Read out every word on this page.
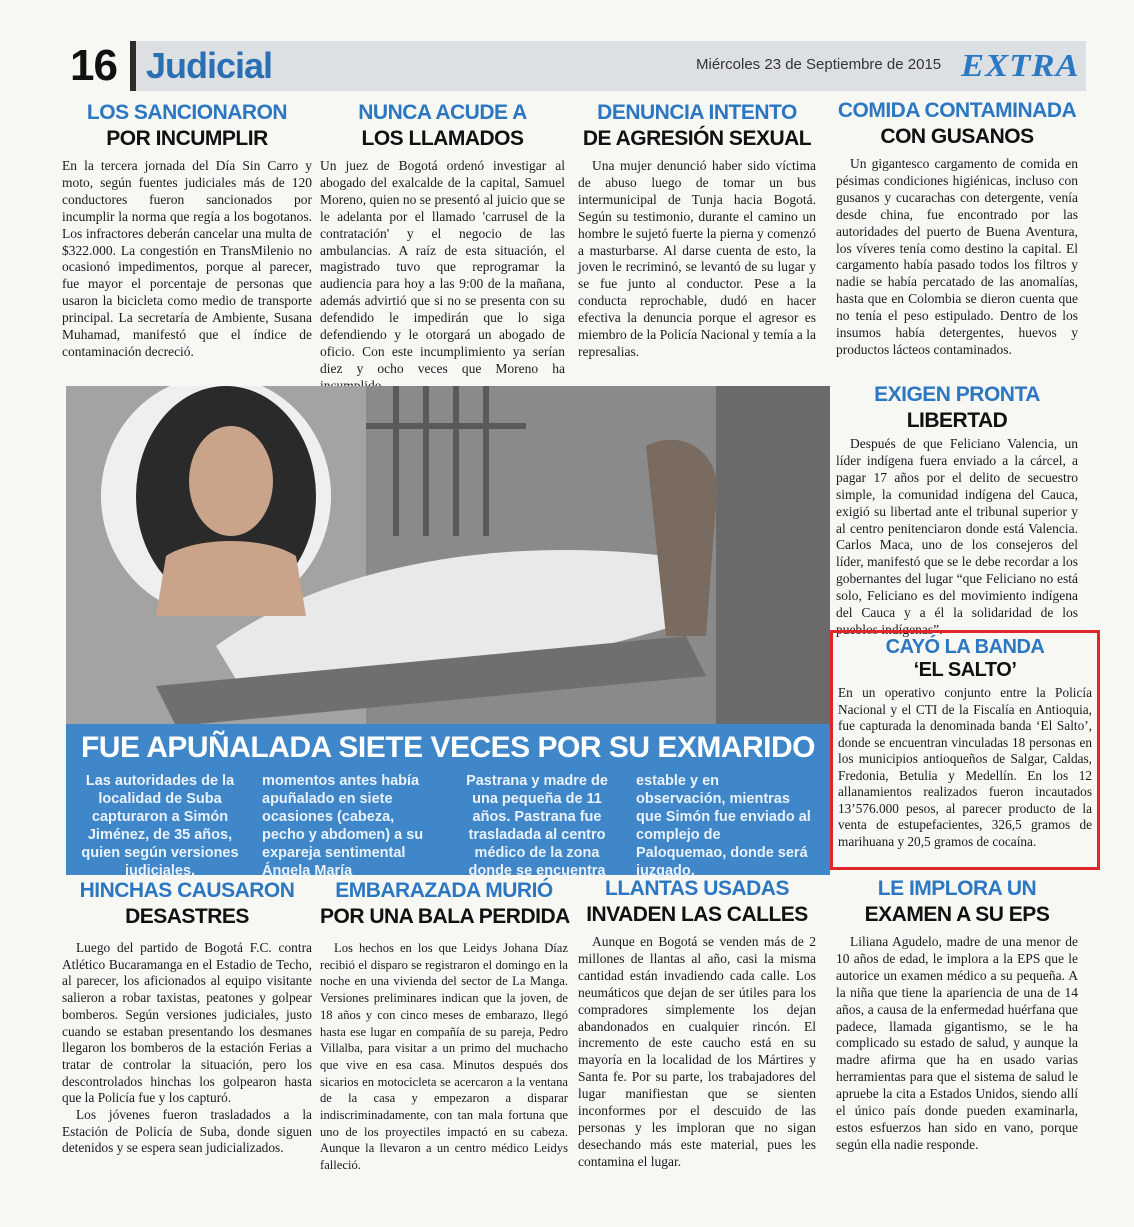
16 Judicial	Miércoles 23 de Septiembre de 2015 EXTRA
LOS SANCIONARON
POR INCUMPLIR

En la tercera jornada del Día Sin Carro y moto, según fuentes judiciales más de 120 conductores fueron sancionados por incumplir la norma que regía a los bogotanos. Los infractores deberán cancelar una multa de $322.000. La congestión en TransMilenio no ocasionó impedimentos, porque al parecer, fue mayor el porcentaje de personas que usaron la bicicleta como medio de transporte principal. La secretaría de Ambiente, Susana Muhamad, manifestó que el índice de contaminación decreció.

NUNCA ACUDE A
LOS LLAMADOS

Un juez de Bogotá ordenó investigar al abogado del exalcalde de la capital, Samuel Moreno, quien no se presentó al juicio que se le adelanta por el llamado 'carrusel de la contratación' y el negocio de las ambulancias. A raíz de esta situación, el magistrado tuvo que reprogramar la audiencia para hoy a las 9:00 de la mañana, además advirtió que si no se presenta con su defendido le impedirán que lo siga defendiendo y le otorgará un abogado de oficio. Con este incumplimiento ya serían diez y ocho veces que Moreno ha

DENUNCIA INTENTO
DE AGRESIÓN SEXUAL

Una mujer denunció haber sido víctima de abuso luego de tomar un bus intermunicipal de Tunja hacia Bogotá. Según su testimonio, durante el camino un hombre le sujetó fuerte la pierna y comenzó a masturbarse. Al darse cuenta de esto, la joven le recriminó, se levantó de su lugar y se fue junto al conductor. Pese a la conducta reprochable, dudó en hacer efectiva la denuncia porque el agresor es miembro de la Policía Nacional y temía a la represalias.

COMIDA CONTAMINADA
CON GUSANOS

Un gigantesco cargamento de comida en pésimas condiciones higiénicas, incluso con gusanos y cucarachas con detergente, venía desde china, fue encontrado por las autoridades del puerto de Buena Aventura, los víveres tenía como destino la capital. El cargamento había pasado todos los filtros y nadie se había percatado de las anomalías, hasta que en Colombia se dieron cuenta que no tenía el peso estipulado. Dentro de los insumos había detergentes, huevos y productos lácteos contaminados.

EXIGEN PRONTA
LIBERTAD

Después de que Feliciano Valencia, un líder indígena fuera enviado a la cárcel, a pagar 17 años por el delito de secuestro simple, la comunidad indígena del Cauca, exigió su libertad ante el tribunal superior y al centro penitenciaron donde está Valencia. Carlos Maca, uno de los consejeros del líder, manifestó que se le debe recordar a los gobernantes del lugar “que Feliciano no está solo, Feliciano es del movimiento indígena del Cauca y a él la solidaridad de los pueblos indígenas”.

CAYÓ LA BANDA
‘EL SALTO’

En un operativo conjunto entre la Policía Nacional y el CTI de la Fiscalía en Antioquia, fue capturada la denominada banda ‘El Salto’, donde se encuentran vinculadas 18 personas en los municipios antioqueños de Salgar, Caldas, Fredonia, Betulia y Medellín. En los 12 allanamientos realizados fueron incautados 13’576.000 pesos, al parecer producto de la venta de estupefacientes, 326,5 gramos de marihuana y 20,5 gramos de cocaína.

FUE APUÑALADA SIETE VECES POR SU EXMARIDO
Las autoridades de la localidad de Suba capturaron a Simón Jiménez, de 35 años, quien según versiones judiciales,
momentos antes había apuñalado en siete ocasiones (cabeza, pecho y abdomen) a su expareja sentimental Ángela María
Pastrana y madre de una pequeña de 11 años. Pastrana fue trasladada al centro médico de la zona donde se encuentra
estable y en observación, mientras que Simón fue enviado al complejo de Paloquemao, donde será juzgado.
HINCHAS CAUSARON
DESASTRES

Luego del partido de Bogotá F.C. contra Atlético Bucaramanga en el Estadio de Techo, al parecer, los aficionados al equipo visitante salieron a robar taxistas, peatones y golpear bomberos. Según versiones judiciales, justo cuando se estaban presentando los desmanes llegaron los bomberos de la estación Ferias a tratar de controlar la situación, pero los descontrolados hinchas los golpearon hasta que la Policía fue y los capturó.

Los jóvenes fueron trasladados a la Estación de Policía de Suba, donde siguen detenidos y se espera sean judicializados.

EMBARAZADA MURIÓ
POR UNA BALA PERDIDA

Los hechos en los que Leidys Johana Díaz recibió el disparo se registraron el domingo en la noche en una vivienda del sector de La Manga. Versiones preliminares indican que la joven, de 18 años y con cinco meses de embarazo, llegó hasta ese lugar en compañía de su pareja, Pedro Villalba, para visitar a un primo del muchacho que vive en esa casa. Minutos después dos sicarios en motocicleta se acercaron a la ventana de la casa y empezaron a disparar indiscriminadamente, con tan mala fortuna que uno de los proyectiles impactó en su cabeza. Aunque la llevaron a un centro médico Leidys falleció.

LLANTAS USADAS
INVADEN LAS CALLES

Aunque en Bogotá se venden más de 2 millones de llantas al año, casi la misma cantidad están invadiendo cada calle. Los neumáticos que dejan de ser útiles para los compradores simplemente los dejan abandonados en cualquier rincón. El incremento de este caucho está en su mayoría en la localidad de los Mártires y Santa fe. Por su parte, los trabajadores del lugar manifiestan que se sienten inconformes por el descuido de las personas y les imploran que no sigan desechando más este material, pues les contamina el lugar.

LE IMPLORA UN
EXAMEN A SU EPS

Liliana Agudelo, madre de una menor de 10 años de edad, le implora a la EPS que le autorice un examen médico a su pequeña. A la niña que tiene la apariencia de una de 14 años, a causa de la enfermedad huérfana que padece, llamada gigantismo, se le ha complicado su estado de salud, y aunque la madre afirma que ha en usado varias herramientas para que el sistema de salud le apruebe la cita a Estados Unidos, siendo allí el único país donde pueden examinarla, estos esfuerzos han sido en vano, porque según ella nadie responde.
